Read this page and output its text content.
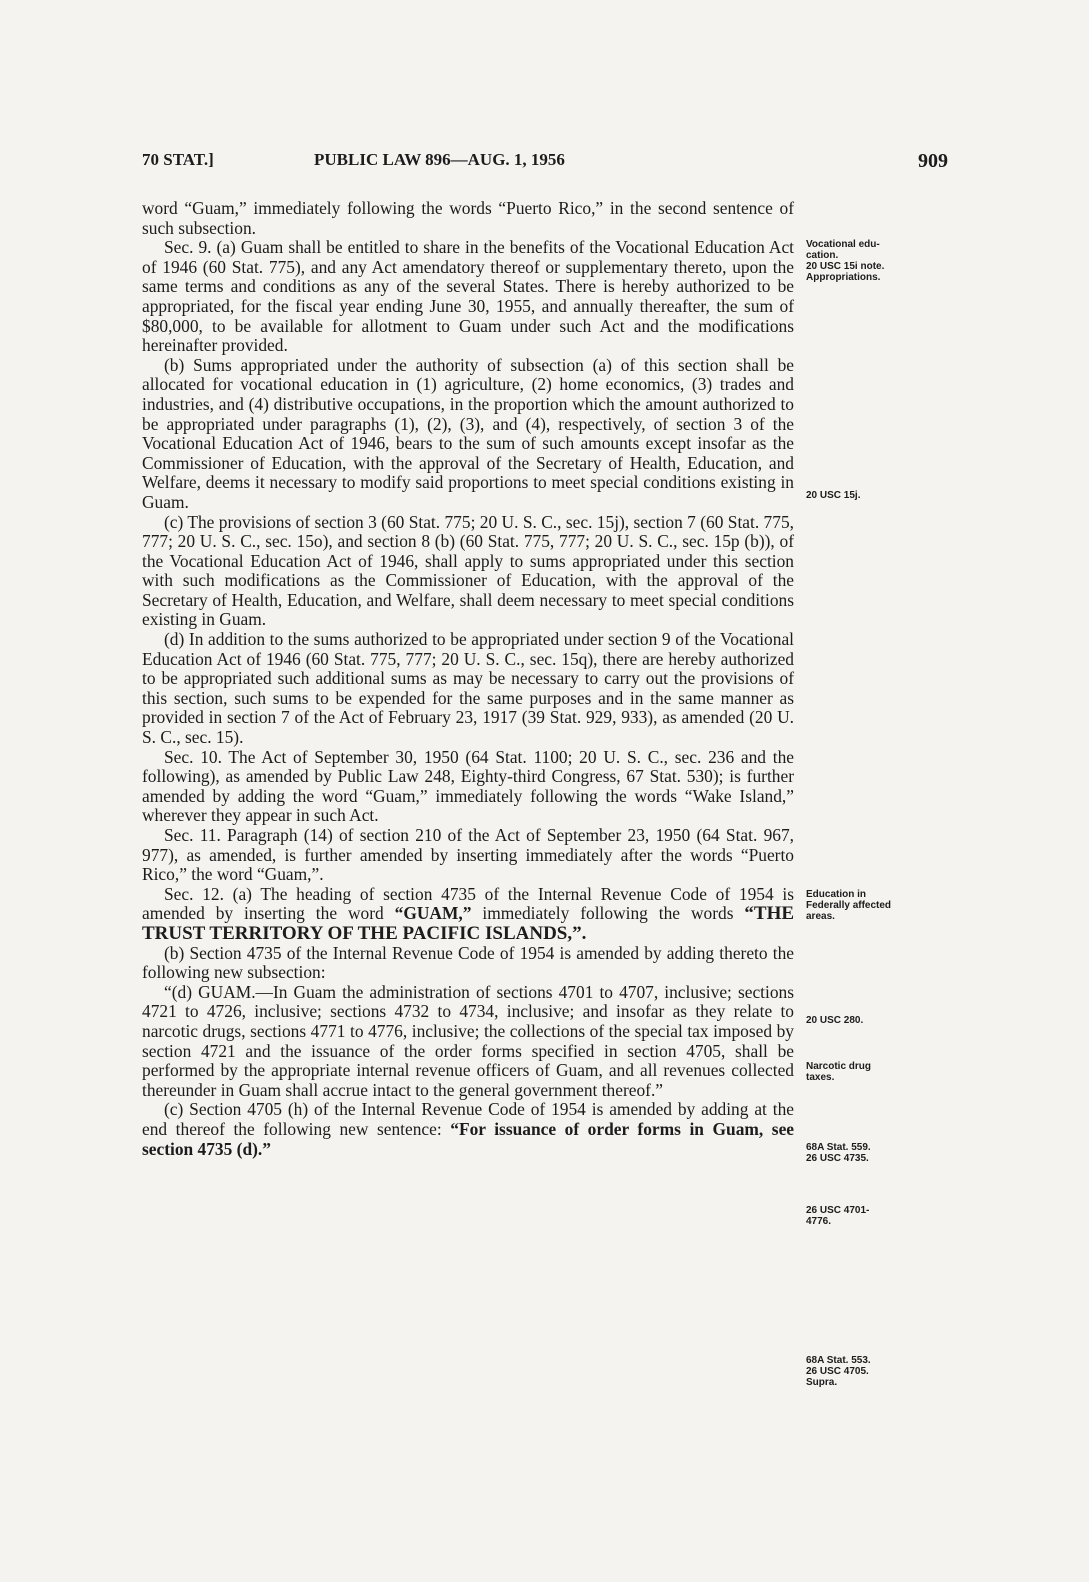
70 STAT.]	PUBLIC LAW 896—AUG. 1, 1956	909

word “Guam,” immediately following the words “Puerto Rico,” in the second sentence of such subsection.

Sec. 9. (a) Guam shall be entitled to share in the benefits of the Vocational Education Act of 1946 (60 Stat. 775), and any Act amendatory thereof or supplementary thereto, upon the same terms and conditions as any of the several States. There is hereby authorized to be appropriated, for the fiscal year ending June 30, 1955, and annually thereafter, the sum of $80,000, to be available for allotment to Guam under such Act and the modifications hereinafter provided.

(b) Sums appropriated under the authority of subsection (a) of this section shall be allocated for vocational education in (1) agriculture, (2) home economics, (3) trades and industries, and (4) distributive occupations, in the proportion which the amount authorized to be appropriated under paragraphs (1), (2), (3), and (4), respectively, of section 3 of the Vocational Education Act of 1946, bears to the sum of such amounts except insofar as the Commissioner of Education, with the approval of the Secretary of Health, Education, and Welfare, deems it necessary to modify said proportions to meet special conditions existing in Guam.

(c) The provisions of section 3 (60 Stat. 775; 20 U. S. C., sec. 15j), section 7 (60 Stat. 775, 777; 20 U. S. C., sec. 15o), and section 8 (b) (60 Stat. 775, 777; 20 U. S. C., sec. 15p (b)), of the Vocational Education Act of 1946, shall apply to sums appropriated under this section with such modifications as the Commissioner of Education, with the approval of the Secretary of Health, Education, and Welfare, shall deem necessary to meet special conditions existing in Guam.

(d) In addition to the sums authorized to be appropriated under section 9 of the Vocational Education Act of 1946 (60 Stat. 775, 777; 20 U. S. C., sec. 15q), there are hereby authorized to be appropriated such additional sums as may be necessary to carry out the provisions of this section, such sums to be expended for the same purposes and in the same manner as provided in section 7 of the Act of February 23, 1917 (39 Stat. 929, 933), as amended (20 U. S. C., sec. 15).

Sec. 10. The Act of September 30, 1950 (64 Stat. 1100; 20 U. S. C., sec. 236 and the following), as amended by Public Law 248, Eighty-third Congress, 67 Stat. 530); is further amended by adding the word “Guam,” immediately following the words “Wake Island,” wherever they appear in such Act.

Sec. 11. Paragraph (14) of section 210 of the Act of September 23, 1950 (64 Stat. 967, 977), as amended, is further amended by inserting immediately after the words “Puerto Rico,” the word “Guam,”.

Sec. 12. (a) The heading of section 4735 of the Internal Revenue Code of 1954 is amended by inserting the word “GUAM,” immediately following the words “THE TRUST TERRITORY OF THE PACIFIC ISLANDS,”.

(b) Section 4735 of the Internal Revenue Code of 1954 is amended by adding thereto the following new subsection:

“(d) GUAM.—In Guam the administration of sections 4701 to 4707, inclusive; sections 4721 to 4726, inclusive; sections 4732 to 4734, inclusive; and insofar as they relate to narcotic drugs, sections 4771 to 4776, inclusive; the collections of the special tax imposed by section 4721 and the issuance of the order forms specified in section 4705, shall be performed by the appropriate internal revenue officers of Guam, and all revenues collected thereunder in Guam shall accrue intact to the general government thereof.”

(c) Section 4705 (h) of the Internal Revenue Code of 1954 is amended by adding at the end thereof the following new sentence: “For issuance of order forms in Guam, see section 4735 (d).”

Vocational edu-
cation.
20 USC 15i note.
Appropriations.
20 USC 15j.
Education in
Federally affected
areas.
20 USC 280.
Narcotic drug
taxes.
68A Stat. 559.
26 USC 4735.
26 USC 4701-
4776.
68A Stat. 553.
26 USC 4705.
Supra.
